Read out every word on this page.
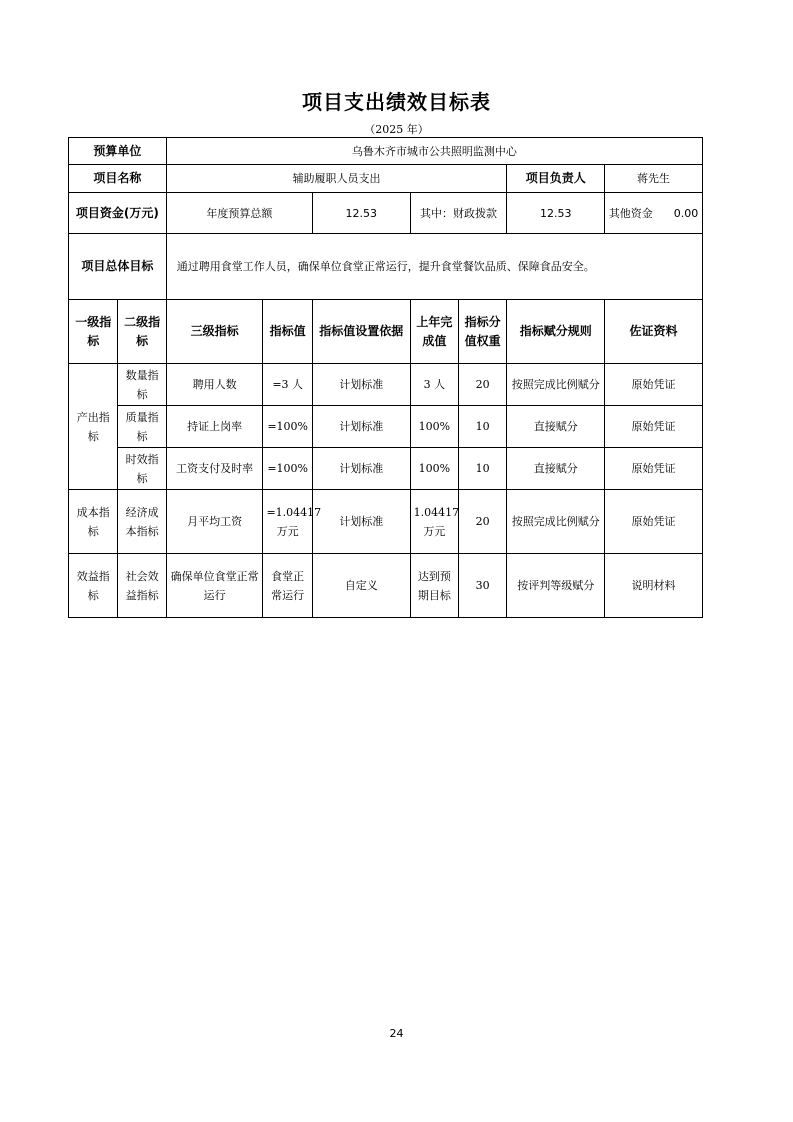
项目支出绩效目标表
（2025 年）
预算单位		乌鲁木齐市城市公共照明监测中心						
项目名称		辅助履职人员支出					项目负责人	蒋先生
项目资金(万元)		年度预算总额		12.53	其中：财政拨款		12.53	其他资金 0.00
项目总体目标		通过聘用食堂工作人员，确保单位食堂正常运行，提升食堂餐饮品质、保障食品安全。						
一级指标	二级指标	三级指标	指标值	指标值设置依据	上年完成值	指标分值权重	指标赋分规则	佐证资料
产出指标	数量指标	聘用人数	=3 人	计划标准	3 人	20	按照完成比例赋分	原始凭证
	质量指标	持证上岗率	=100%	计划标准	100%	10	直接赋分	原始凭证
	时效指标	工资支付及时率	=100%	计划标准	100%	10	直接赋分	原始凭证
成本指标	经济成本指标	月平均工资	=1.04417 万元	计划标准	1.04417 万元	20	按照完成比例赋分	原始凭证
效益指标	社会效益指标	确保单位食堂正常运行	食堂正常运行	自定义	达到预期目标	30	按评判等级赋分	说明材料
24
